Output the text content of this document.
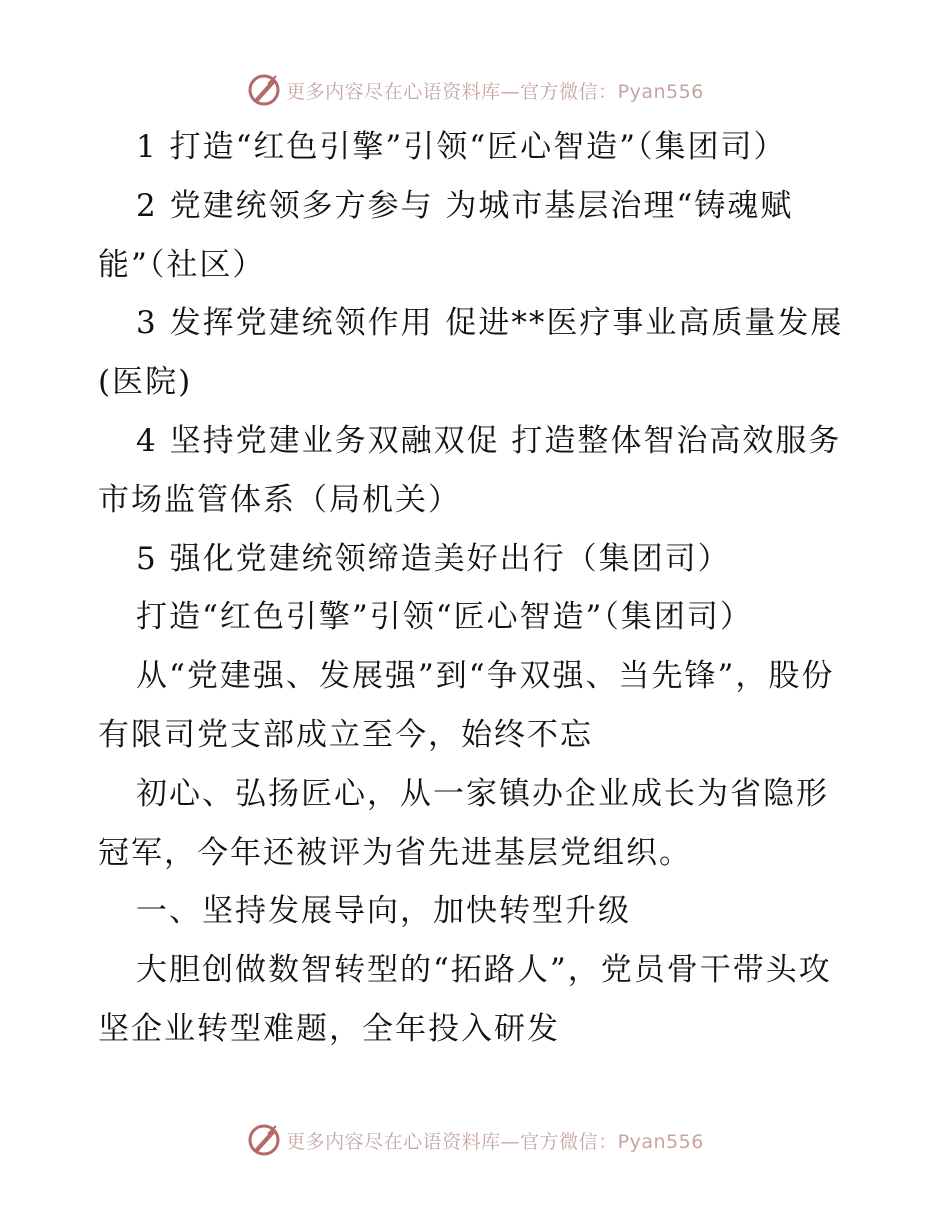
更多内容尽在心语资料库—官方微信：Pyan556

1 打造“红色引擎”引领“匠心智造”（集团司）

2 党建统领多方参与 为城市基层治理“铸魂赋能”（社区）

3 发挥党建统领作用 促进**医疗事业高质量发展(医院)

4 坚持党建业务双融双促 打造整体智治高效服务市场监管体系（局机关）

5 强化党建统领缔造美好出行（集团司）

打造“红色引擎”引领“匠心智造”（集团司）

从“党建强、发展强”到“争双强、当先锋”，股份有限司党支部成立至今，始终不忘

初心、弘扬匠心，从一家镇办企业成长为省隐形冠军，今年还被评为省先进基层党组织。

一、坚持发展导向，加快转型升级

大胆创做数智转型的“拓路人”，党员骨干带头攻坚企业转型难题，全年投入研发

更多内容尽在心语资料库—官方微信：Pyan556
